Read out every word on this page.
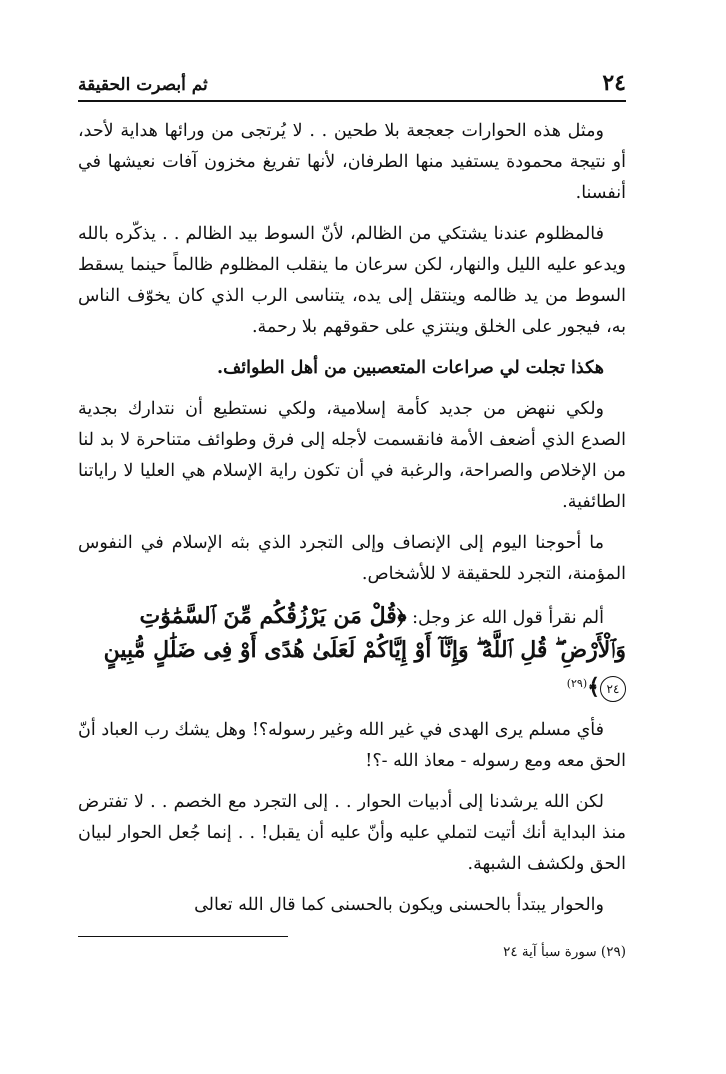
٢٤
ثم أبصرت الحقيقة

ومثل هذه الحوارات جعجعة بلا طحين . . لا يُرتجى من ورائها هداية لأحد، أو نتيجة محمودة يستفيد منها الطرفان، لأنها تفريغ مخزون آفات نعيشها في أنفسنا.

فالمظلوم عندنا يشتكي من الظالم، لأنّ السوط بيد الظالم . . يذكّره بالله ويدعو عليه الليل والنهار، لكن سرعان ما ينقلب المظلوم ظالماً حينما يسقط السوط من يد ظالمه وينتقل إلى يده، يتناسى الرب الذي كان يخوّف الناس به، فيجور على الخلق وينتزي على حقوقهم بلا رحمة.

هكذا تجلت لي صراعات المتعصبين من أهل الطوائف.

ولكي ننهض من جديد كأمة إسلامية، ولكي نستطيع أن نتدارك بجدية الصدع الذي أضعف الأمة فانقسمت لأجله إلى فرق وطوائف متناحرة لا بد لنا من الإخلاص والصراحة، والرغبة في أن تكون راية الإسلام هي العليا لا راياتنا الطائفية.

ما أحوجنا اليوم إلى الإنصاف وإلى التجرد الذي بثه الإسلام في النفوس المؤمنة، التجرد للحقيقة لا للأشخاص.

ألم نقرأ قول الله عز وجل: ﴿قُلْ مَن يَرْزُقُكُم مِّنَ ٱلسَّمَٰوَٰتِ وَٱلْأَرْضِ ۖ قُلِ ٱللَّهُ ۖ وَإِنَّآ أَوْ إِيَّاكُمْ لَعَلَىٰ هُدًى أَوْ فِى ضَلَٰلٍ مُّبِينٍ ٢٤﴾$^{(٢٩)}$

فأي مسلم يرى الهدى في غير الله وغير رسوله؟! وهل يشك رب العباد أنّ الحق معه ومع رسوله - معاذ الله -؟!

لكن الله يرشدنا إلى أدبيات الحوار . . إلى التجرد مع الخصم . . لا تفترض منذ البداية أنك أتيت لتملي عليه وأنّ عليه أن يقبل! . . إنما جُعل الحوار لبيان الحق ولكشف الشبهة.

والحوار يبتدأ بالحسنى ويكون بالحسنى كما قال الله تعالى

(٢٩) سورة سبأ آية ٢٤
